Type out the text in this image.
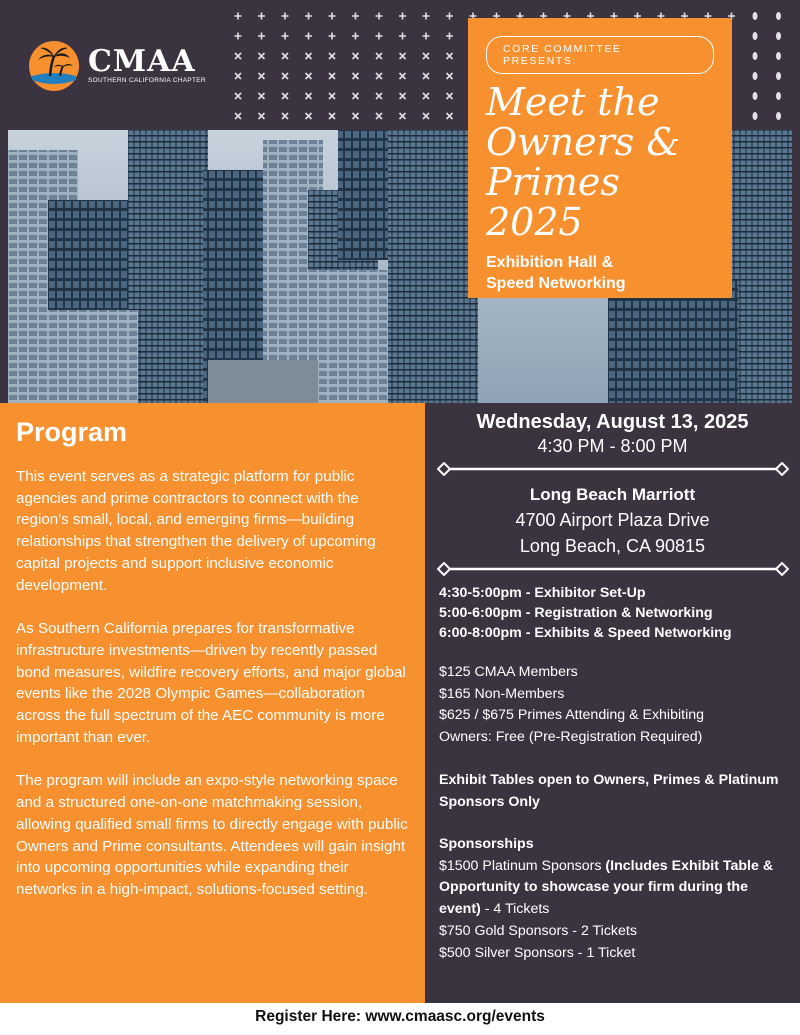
CMAA
SOUTHERN CALIFORNIA CHAPTER
CORE COMMITTEE PRESENTS:
Meet the
Owners &
Primes
2025
Exhibition Hall &
Speed Networking
Program

This event serves as a strategic platform for public agencies and prime contractors to connect with the region's small, local, and emerging firms—building relationships that strengthen the delivery of upcoming capital projects and support inclusive economic development.

As Southern California prepares for transformative infrastructure investments—driven by recently passed bond measures, wildfire recovery efforts, and major global events like the 2028 Olympic Games—collaboration across the full spectrum of the AEC community is more important than ever.

The program will include an expo-style networking space and a structured one-on-one matchmaking session, allowing qualified small firms to directly engage with public Owners and Prime consultants. Attendees will gain insight into upcoming opportunities while expanding their networks in a high-impact, solutions-focused setting.

Wednesday, August 13, 2025
4:30 PM - 8:00 PM
Long Beach Marriott
4700 Airport Plaza Drive
Long Beach, CA 90815
4:30-5:00pm - Exhibitor Set-Up
5:00-6:00pm - Registration & Networking
6:00-8:00pm - Exhibits & Speed Networking
$125 CMAA Members
$165 Non-Members
$625 / $675 Primes Attending & Exhibiting
Owners: Free (Pre-Registration Required)
Exhibit Tables open to Owners, Primes & Platinum Sponsors Only
Sponsorships
$1500 Platinum Sponsors (Includes Exhibit Table & Opportunity to showcase your firm during the event) - 4 Tickets
$750 Gold Sponsors - 2 Tickets
$500 Silver Sponsors - 1 Ticket
Register Here: www.cmaasc.org/events
